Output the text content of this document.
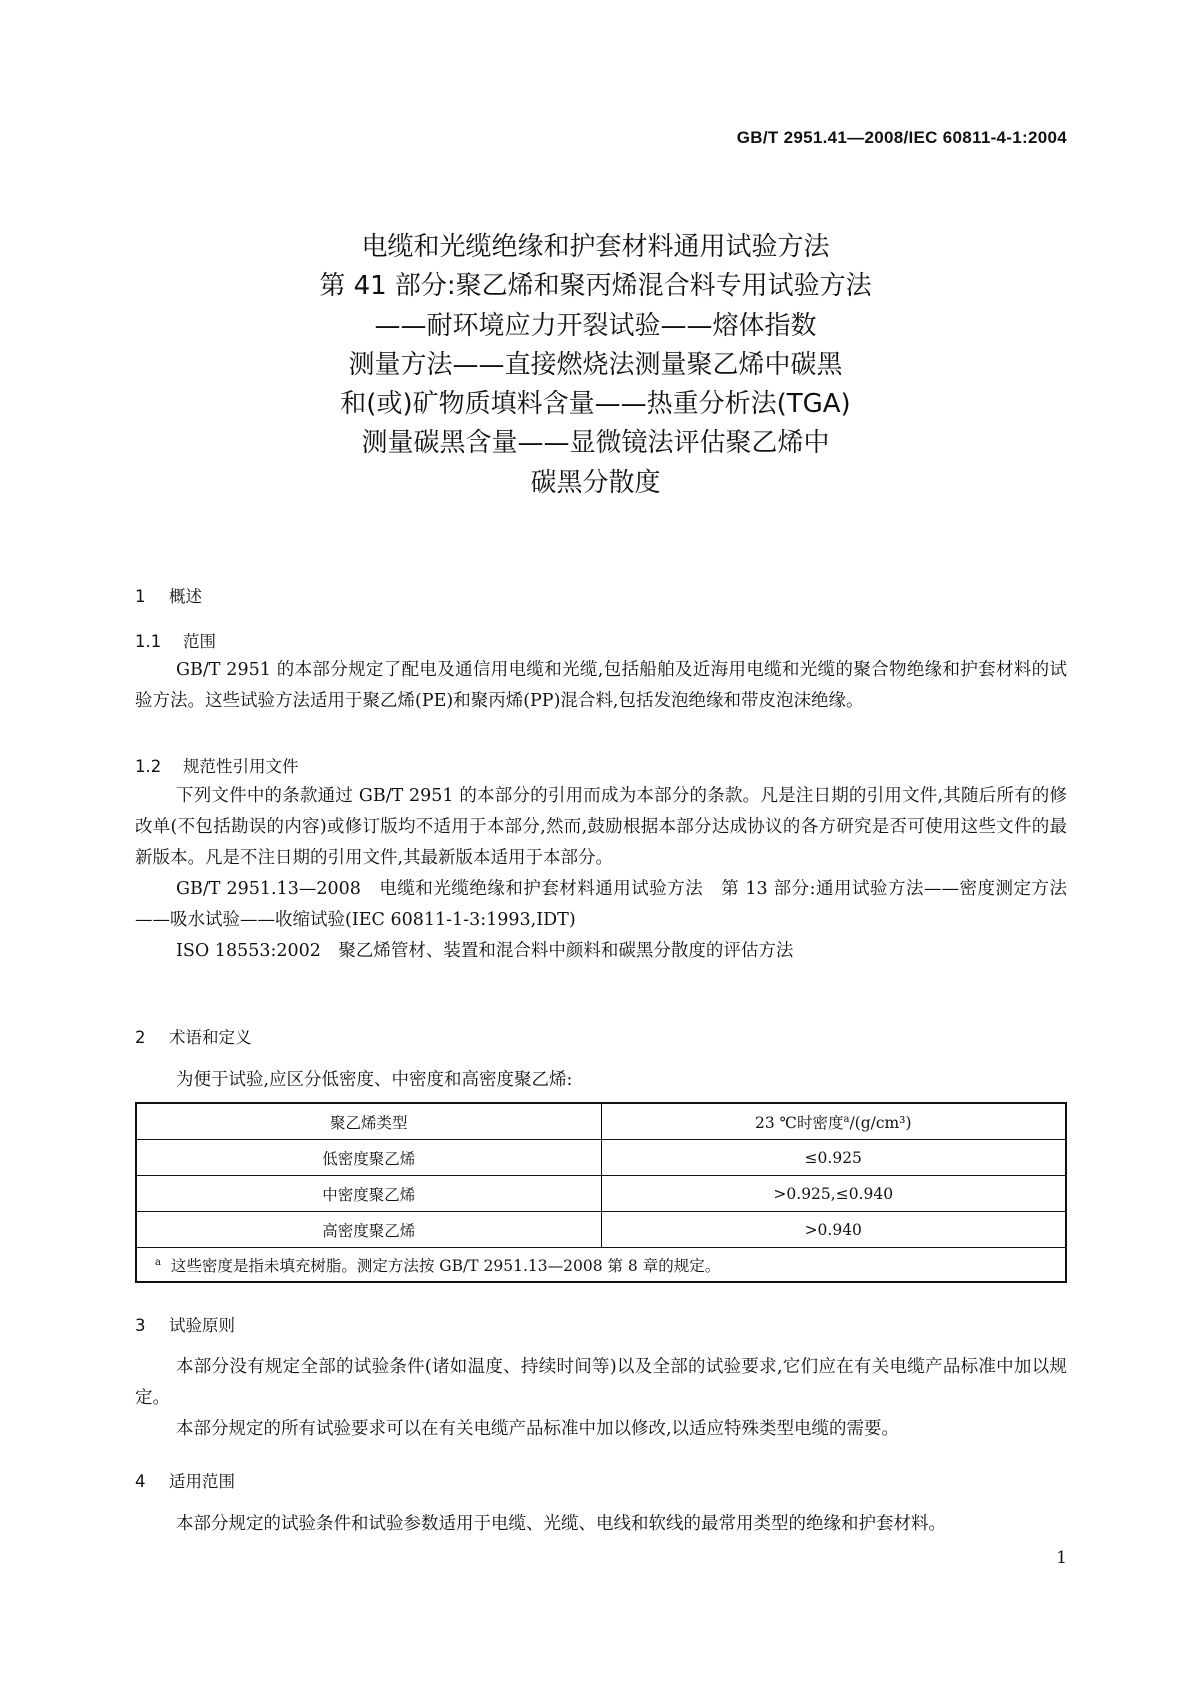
GB/T 2951.41—2008/IEC 60811-4-1:2004
电缆和光缆绝缘和护套材料通用试验方法
第 41 部分:聚乙烯和聚丙烯混合料专用试验方法
——耐环境应力开裂试验——熔体指数
测量方法——直接燃烧法测量聚乙烯中碳黑
和(或)矿物质填料含量——热重分析法(TGA)
测量碳黑含量——显微镜法评估聚乙烯中
碳黑分散度
1 概述
1.1 范围

GB/T 2951 的本部分规定了配电及通信用电缆和光缆,包括船舶及近海用电缆和光缆的聚合物绝缘和护套材料的试验方法。这些试验方法适用于聚乙烯(PE)和聚丙烯(PP)混合料,包括发泡绝缘和带皮泡沫绝缘。

1.2 规范性引用文件

下列文件中的条款通过 GB/T 2951 的本部分的引用而成为本部分的条款。凡是注日期的引用文件,其随后所有的修改单(不包括勘误的内容)或修订版均不适用于本部分,然而,鼓励根据本部分达成协议的各方研究是否可使用这些文件的最新版本。凡是不注日期的引用文件,其最新版本适用于本部分。

GB/T 2951.13—2008　电缆和光缆绝缘和护套材料通用试验方法　第 13 部分:通用试验方法——密度测定方法——吸水试验——收缩试验(IEC 60811-1-3:1993,IDT)

ISO 18553:2002　聚乙烯管材、装置和混合料中颜料和碳黑分散度的评估方法

2 术语和定义

为便于试验,应区分低密度、中密度和高密度聚乙烯:

聚乙烯类型	23 ℃时密度$^a$/(g/cm³)
低密度聚乙烯	≤0.925
中密度聚乙烯	>0.925,≤0.940
高密度聚乙烯	>0.940
$^a$ 这些密度是指未填充树脂。测定方法按 GB/T 2951.13—2008 第 8 章的规定。	
3 试验原则

本部分没有规定全部的试验条件(诸如温度、持续时间等)以及全部的试验要求,它们应在有关电缆产品标准中加以规定。

本部分规定的所有试验要求可以在有关电缆产品标准中加以修改,以适应特殊类型电缆的需要。

4 适用范围

本部分规定的试验条件和试验参数适用于电缆、光缆、电线和软线的最常用类型的绝缘和护套材料。

1
